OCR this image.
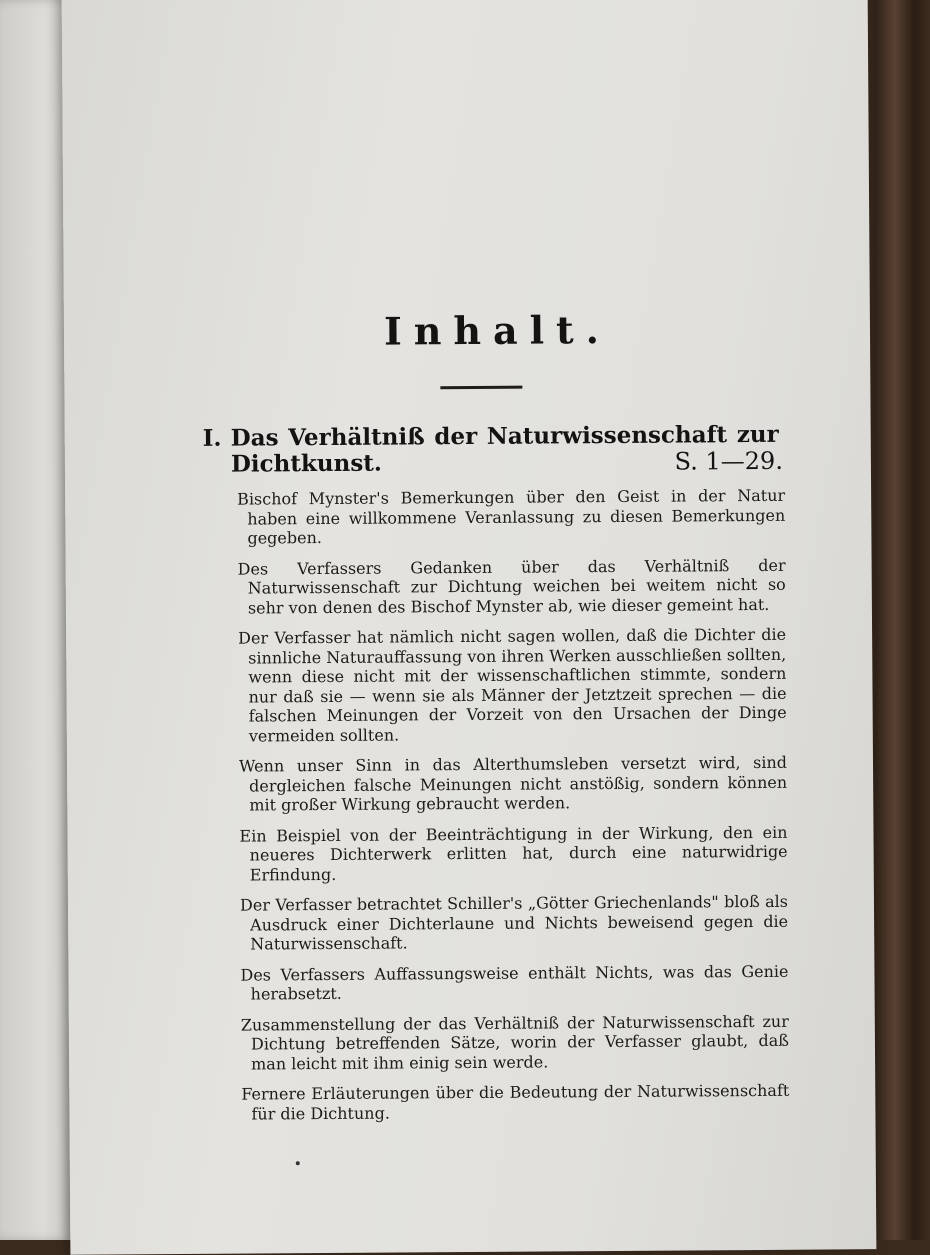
Inhalt.
I. Das Verhältniß der Naturwissenschaft zur Dichtkunst.	S. 1—29.

Bischof Mynster's Bemerkungen über den Geist in der Natur haben eine willkommene Veranlassung zu diesen Bemerkungen gegeben.

Des Verfassers Gedanken über das Verhältniß der Naturwissenschaft zur Dichtung weichen bei weitem nicht so sehr von denen des Bischof Mynster ab, wie dieser gemeint hat.

Der Verfasser hat nämlich nicht sagen wollen, daß die Dichter die sinnliche Naturauffassung von ihren Werken ausschließen sollten, wenn diese nicht mit der wissenschaftlichen stimmte, sondern nur daß sie — wenn sie als Männer der Jetztzeit sprechen — die falschen Meinungen der Vorzeit von den Ursachen der Dinge vermeiden sollten.

Wenn unser Sinn in das Alterthumsleben versetzt wird, sind dergleichen falsche Meinungen nicht anstößig, sondern können mit großer Wirkung gebraucht werden.

Ein Beispiel von der Beeinträchtigung in der Wirkung, den ein neueres Dichterwerk erlitten hat, durch eine naturwidrige Erfindung.

Der Verfasser betrachtet Schiller's „Götter Griechenlands" bloß als Ausdruck einer Dichterlaune und Nichts beweisend gegen die Naturwissenschaft.

Des Verfassers Auffassungsweise enthält Nichts, was das Genie herabsetzt.

Zusammenstellung der das Verhältniß der Naturwissenschaft zur Dichtung betreffenden Sätze, worin der Verfasser glaubt, daß man leicht mit ihm einig sein werde.

Fernere Erläuterungen über die Bedeutung der Naturwissenschaft für die Dichtung.
